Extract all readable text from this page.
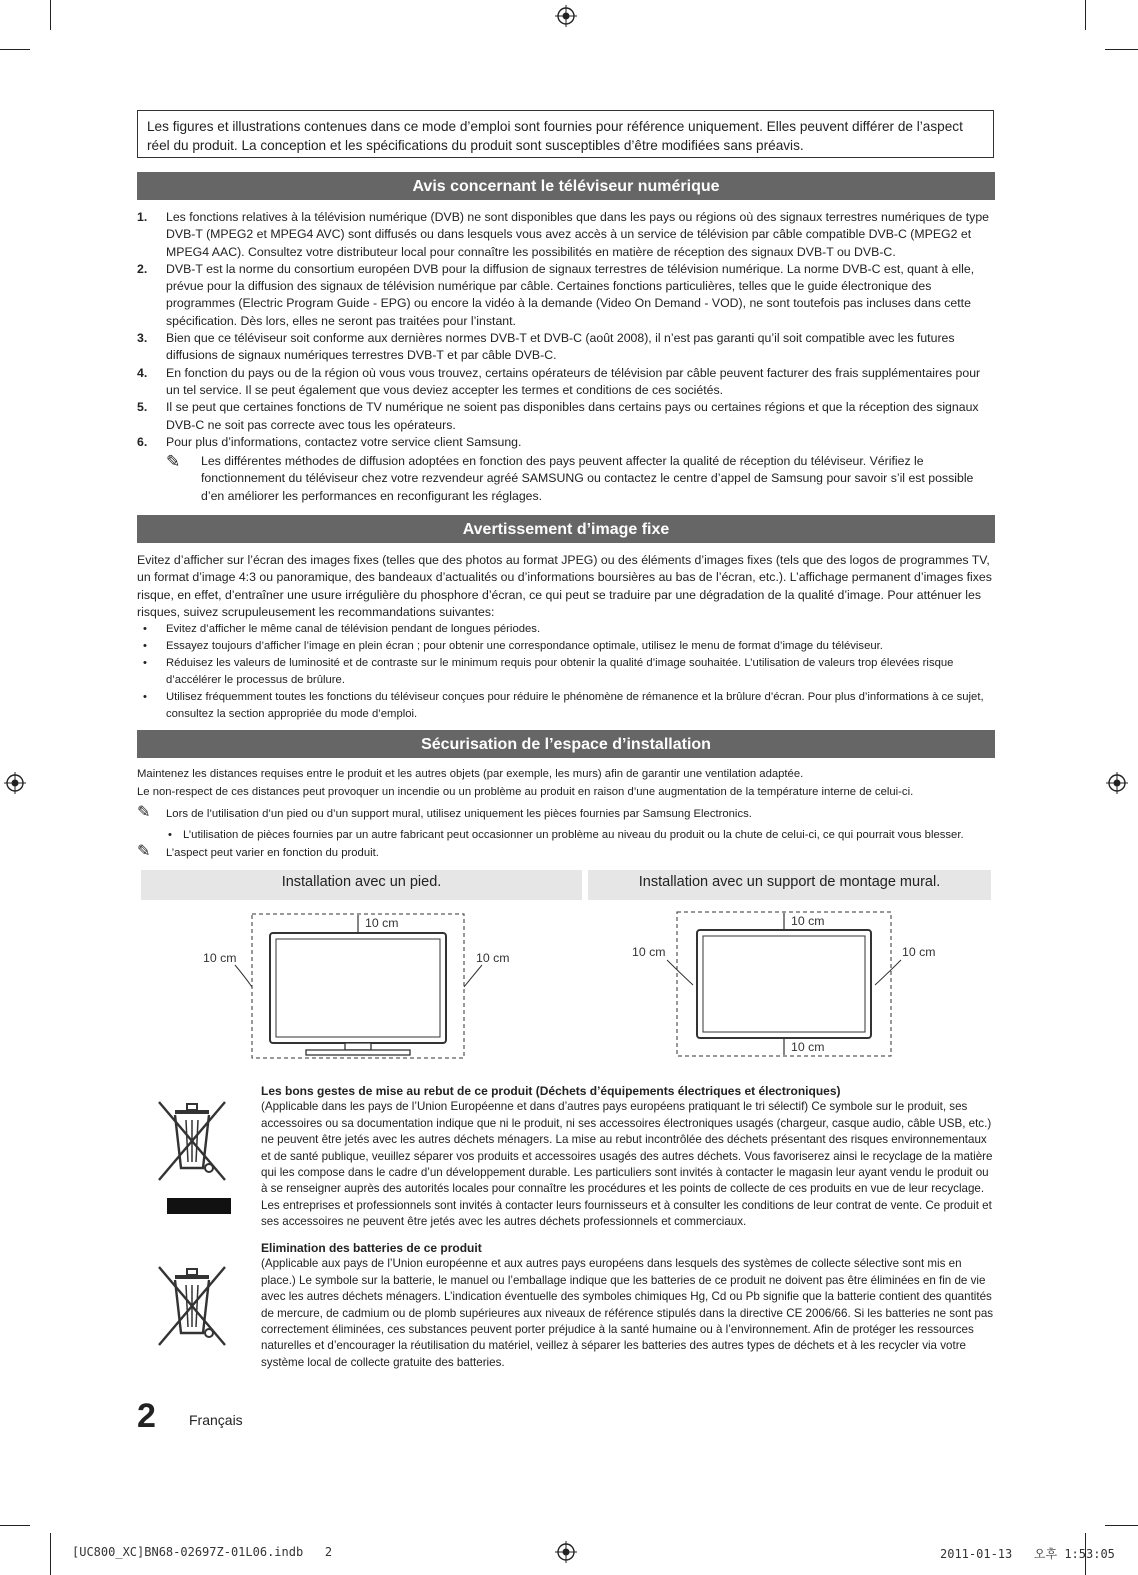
Les figures et illustrations contenues dans ce mode d’emploi sont fournies pour référence uniquement. Elles peuvent différer de l’aspect réel du produit. La conception et les spécifications du produit sont susceptibles d’être modifiées sans préavis.
Avis concernant le téléviseur numérique
1. Les fonctions relatives à la télévision numérique (DVB) ne sont disponibles que dans les pays ou régions où des signaux terrestres numériques de type DVB-T (MPEG2 et MPEG4 AVC) sont diffusés ou dans lesquels vous avez accès à un service de télévision par câble compatible DVB-C (MPEG2 et MPEG4 AAC). Consultez votre distributeur local pour connaître les possibilités en matière de réception des signaux DVB-T ou DVB-C.
2. DVB-T est la norme du consortium européen DVB pour la diffusion de signaux terrestres de télévision numérique. La norme DVB-C est, quant à elle, prévue pour la diffusion des signaux de télévision numérique par câble. Certaines fonctions particulières, telles que le guide électronique des programmes (Electric Program Guide - EPG) ou encore la vidéo à la demande (Video On Demand - VOD), ne sont toutefois pas incluses dans cette spécification. Dès lors, elles ne seront pas traitées pour l’instant.
3. Bien que ce téléviseur soit conforme aux dernières normes DVB-T et DVB-C (août 2008), il n’est pas garanti qu’il soit compatible avec les futures diffusions de signaux numériques terrestres DVB-T et par câble DVB-C.
4. En fonction du pays ou de la région où vous vous trouvez, certains opérateurs de télévision par câble peuvent facturer des frais supplémentaires pour un tel service. Il se peut également que vous deviez accepter les termes et conditions de ces sociétés.
5. Il se peut que certaines fonctions de TV numérique ne soient pas disponibles dans certains pays ou certaines régions et que la réception des signaux DVB-C ne soit pas correcte avec tous les opérateurs.
6. Pour plus d’informations, contactez votre service client Samsung.
✎ Les différentes méthodes de diffusion adoptées en fonction des pays peuvent affecter la qualité de réception du téléviseur. Vérifiez le fonctionnement du téléviseur chez votre rezvendeur agréé SAMSUNG ou contactez le centre d’appel de Samsung pour savoir s’il est possible d’en améliorer les performances en reconfigurant les réglages.
Avertissement d’image fixe
Evitez d’afficher sur l’écran des images fixes (telles que des photos au format JPEG) ou des éléments d’images fixes (tels que des logos de programmes TV, un format d’image 4:3 ou panoramique, des bandeaux d’actualités ou d’informations boursières au bas de l’écran, etc.). L’affichage permanent d’images fixes risque, en effet, d’entraîner une usure irrégulière du phosphore d’écran, ce qui peut se traduire par une dégradation de la qualité d’image. Pour atténuer les risques, suivez scrupuleusement les recommandations suivantes:
• Evitez d’afficher le même canal de télévision pendant de longues périodes.
• Essayez toujours d’afficher l’image en plein écran ; pour obtenir une correspondance optimale, utilisez le menu de format d’image du téléviseur.
• Réduisez les valeurs de luminosité et de contraste sur le minimum requis pour obtenir la qualité d’image souhaitée. L’utilisation de valeurs trop élevées risque d’accélérer le processus de brûlure.
• Utilisez fréquemment toutes les fonctions du téléviseur conçues pour réduire le phénomène de rémanence et la brûlure d’écran. Pour plus d’informations à ce sujet, consultez la section appropriée du mode d’emploi.
Sécurisation de l’espace d’installation
Maintenez les distances requises entre le produit et les autres objets (par exemple, les murs) afin de garantir une ventilation adaptée.
Le non-respect de ces distances peut provoquer un incendie ou un problème au produit en raison d’une augmentation de la température interne de celui-ci.
✎ Lors de l’utilisation d’un pied ou d’un support mural, utilisez uniquement les pièces fournies par Samsung Electronics.
• L’utilisation de pièces fournies par un autre fabricant peut occasionner un problème au niveau du produit ou la chute de celui-ci, ce qui pourrait vous blesser.
✎ L’aspect peut varier en fonction du produit.
Installation avec un pied.	Installation avec un support de montage mural.
10 cm
10 cm	10 cm
10 cm
10 cm	10 cm
10 cm
Les bons gestes de mise au rebut de ce produit (Déchets d’équipements électriques et électroniques)
(Applicable dans les pays de l’Union Européenne et dans d’autres pays européens pratiquant le tri sélectif) Ce symbole sur le produit, ses accessoires ou sa documentation indique que ni le produit, ni ses accessoires électroniques usagés (chargeur, casque audio, câble USB, etc.) ne peuvent être jetés avec les autres déchets ménagers. La mise au rebut incontrôlée des déchets présentant des risques environnementaux et de santé publique, veuillez séparer vos produits et accessoires usagés des autres déchets. Vous favoriserez ainsi le recyclage de la matière qui les compose dans le cadre d’un développement durable. Les particuliers sont invités à contacter le magasin leur ayant vendu le produit ou à se renseigner auprès des autorités locales pour connaître les procédures et les points de collecte de ces produits en vue de leur recyclage. Les entreprises et professionnels sont invités à contacter leurs fournisseurs et à consulter les conditions de leur contrat de vente. Ce produit et ses accessoires ne peuvent être jetés avec les autres déchets professionnels et commerciaux.
Elimination des batteries de ce produit
(Applicable aux pays de l’Union européenne et aux autres pays européens dans lesquels des systèmes de collecte sélective sont mis en place.) Le symbole sur la batterie, le manuel ou l’emballage indique que les batteries de ce produit ne doivent pas être éliminées en fin de vie avec les autres déchets ménagers. L’indication éventuelle des symboles chimiques Hg, Cd ou Pb signifie que la batterie contient des quantités de mercure, de cadmium ou de plomb supérieures aux niveaux de référence stipulés dans la directive CE 2006/66. Si les batteries ne sont pas correctement éliminées, ces substances peuvent porter préjudice à la santé humaine ou à l’environnement. Afin de protéger les ressources naturelles et d’encourager la réutilisation du matériel, veillez à séparer les batteries des autres types de déchets et à les recycler via votre système local de collecte gratuite des batteries.
2 Français
[UC800_XC]BN68-02697Z-01L06.indb   2	2011-01-13   오후 1:53:05
